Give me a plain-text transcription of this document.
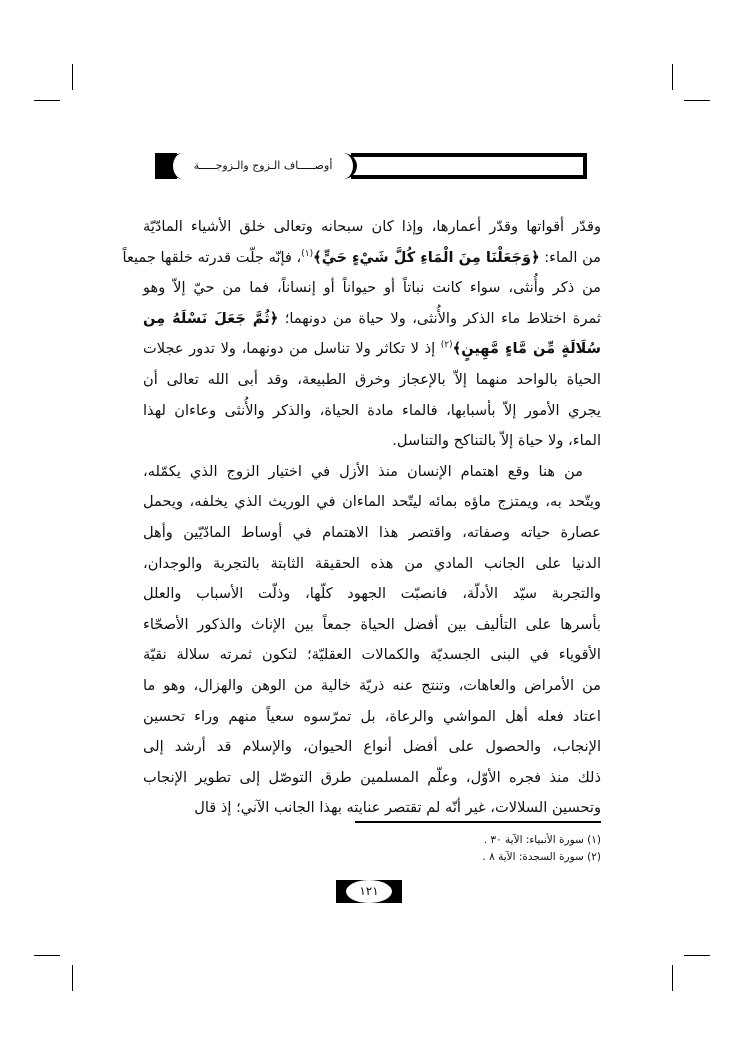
أوصـــــاف الـزوج والـزوجـــــة
وقدّر أقواتها وقدّر أعمارها، وإذا كان سبحانه وتعالى خلق الأشياء المادّيّة
من الماء: ﴿وَجَعَلْنَا مِنَ الْمَاءِ كُلَّ شَيْءٍ حَيٍّ﴾$^{(١)}$، فإنّه جلّت قدرته خلقها جميعاً
من ذكر وأُنثى، سواء كانت نباتاً أو حيواناً أو إنساناً، فما من حيّ إلاّ وهو
ثمرة اختلاط ماء الذكر والأُنثى، ولا حياة من دونهما؛ ﴿ثُمَّ جَعَلَ نَسْلَهُ مِن
سُلَالَةٍ مِّن مَّاءٍ مَّهِينٍ﴾$^{(٢)}$ إذ لا تكاثر ولا تناسل من دونهما، ولا تدور عجلات
الحياة بالواحد منهما إلاّ بالإعجاز وخرق الطبيعة، وقد أبى الله تعالى أن
يجري الأمور إلاّ بأسبابها، فالماء مادة الحياة، والذكر والأُنثى وعاءان لهذا
الماء، ولا حياة إلاّ بالتناكح والتناسل.
من هنا وقع اهتمام الإنسان منذ الأزل في اختيار الزوج الذي يكمّله،
ويتّحد به، ويمتزج ماؤه بمائه ليتّحد الماءان في الوريث الذي يخلفه، ويحمل
عصارة حياته وصفاته، واقتصر هذا الاهتمام في أوساط المادّيّين وأهل
الدنيا على الجانب المادي من هذه الحقيقة الثابتة بالتجربة والوجدان،
والتجربة سيّد الأدلّة، فانصبّت الجهود كلّها، وذلّت الأسباب والعلل
بأسرها على التأليف بين أفضل الحياة جمعاً بين الإناث والذكور الأصحّاء
الأقوياء في البنى الجسديّة والكمالات العقليّة؛ لتكون ثمرته سلالة نقيّة
من الأمراض والعاهات، وتنتج عنه ذريّة خالية من الوهن والهزال، وهو ما
اعتاد فعله أهل المواشي والرعاة، بل تمرّسوه سعياً منهم وراء تحسين
الإنجاب، والحصول على أفضل أنواع الحيوان، والإسلام قد أرشد إلى
ذلك منذ فجره الأوّل، وعلّم المسلمين طرق التوصّل إلى تطوير الإنجاب
وتحسين السلالات، غير أنّه لم تقتصر عنايته بهذا الجانب الآني؛ إذ قال
(١) سورة الأنبياء: الآية ٣٠ .
(٢) سورة السجدة: الآية ٨ .
١٢١
